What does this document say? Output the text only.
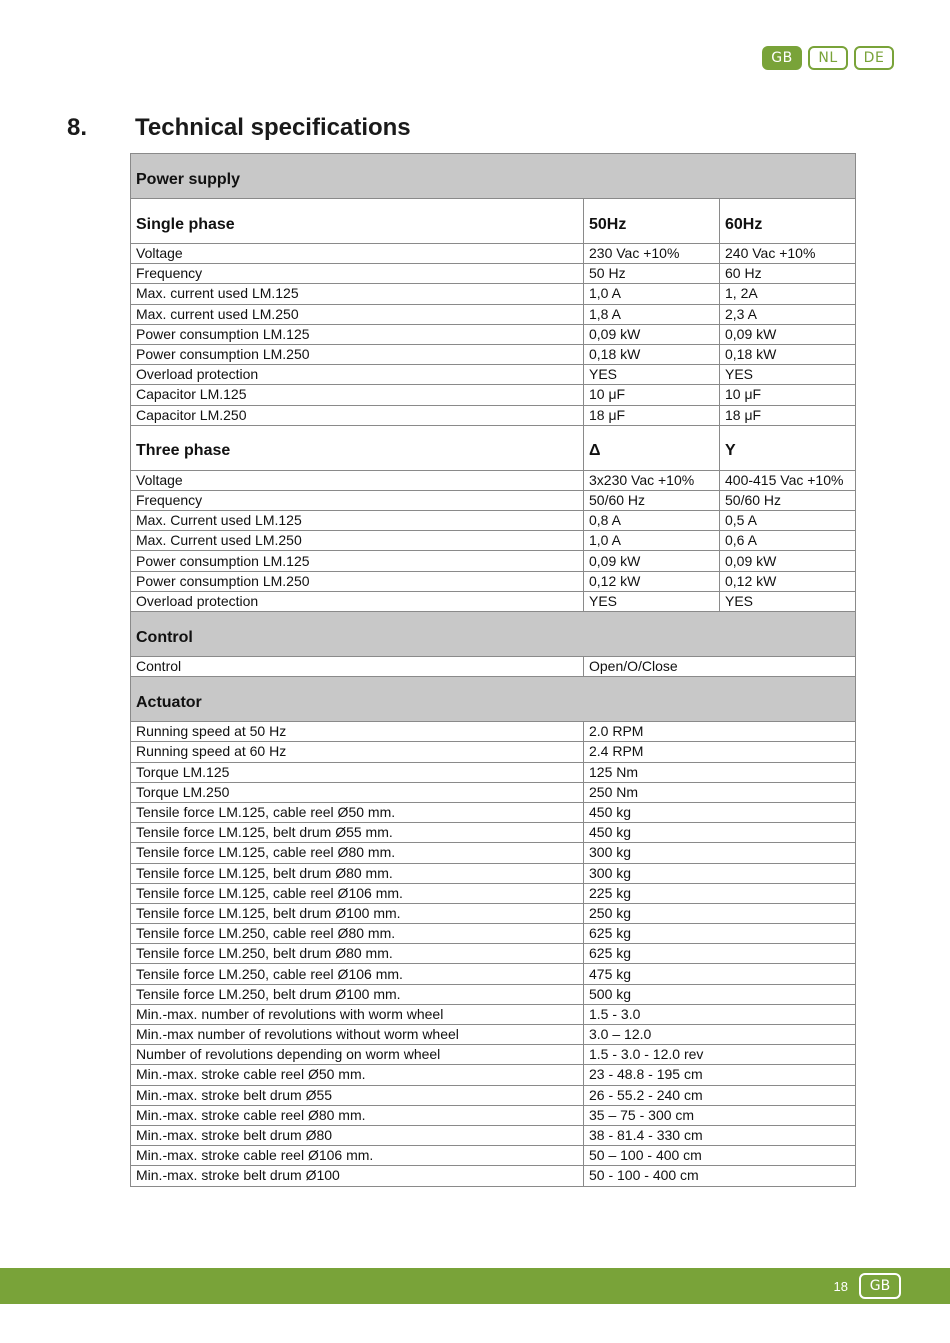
GB	NL	DE
8. Technical specifications
Power supply		
Single phase	50Hz	60Hz
Voltage	230 Vac +10%	240 Vac +10%
Frequency	50 Hz	60 Hz
Max. current used LM.125	1,0 A	1, 2A
Max. current used LM.250	1,8 A	2,3 A
Power consumption LM.125	0,09 kW	0,09 kW
Power consumption LM.250	0,18 kW	0,18 kW
Overload protection	YES	YES
Capacitor LM.125	10 μF	10 μF
Capacitor LM.250	18 μF	18 μF
Three phase	Δ	Y
Voltage	3x230 Vac +10%	400-415 Vac +10%
Frequency	50/60 Hz	50/60 Hz
Max. Current used LM.125	0,8 A	0,5 A
Max. Current used LM.250	1,0 A	0,6 A
Power consumption LM.125	0,09 kW	0,09 kW
Power consumption LM.250	0,12 kW	0,12 kW
Overload protection	YES	YES
Control		
Control	Open/O/Close	
Actuator		
Running speed at 50 Hz	2.0 RPM	
Running speed at 60 Hz	2.4 RPM	
Torque LM.125	125 Nm	
Torque LM.250	250 Nm	
Tensile force LM.125, cable reel Ø50 mm.	450 kg	
Tensile force LM.125, belt drum Ø55 mm.	450 kg	
Tensile force LM.125, cable reel Ø80 mm.	300 kg	
Tensile force LM.125, belt drum Ø80 mm.	300 kg	
Tensile force LM.125, cable reel Ø106 mm.	225 kg	
Tensile force LM.125, belt drum Ø100 mm.	250 kg	
Tensile force LM.250, cable reel Ø80 mm.	625 kg	
Tensile force LM.250, belt drum Ø80 mm.	625 kg	
Tensile force LM.250, cable reel Ø106 mm.	475 kg	
Tensile force LM.250, belt drum Ø100 mm.	500 kg	
Min.-max. number of revolutions with worm wheel	1.5 - 3.0	
Min.-max number of revolutions without worm wheel	3.0 – 12.0	
Number of revolutions depending on worm wheel	1.5 - 3.0 - 12.0 rev	
Min.-max. stroke cable reel Ø50 mm.	23 - 48.8 - 195 cm	
Min.-max. stroke belt drum Ø55	26 - 55.2 - 240 cm	
Min.-max. stroke cable reel Ø80 mm.	35 – 75 - 300 cm	
Min.-max. stroke belt drum Ø80	38 - 81.4 - 330 cm	
Min.-max. stroke cable reel Ø106 mm.	50 – 100 - 400 cm	
Min.-max. stroke belt drum Ø100	50 - 100 - 400 cm	
18	GB
